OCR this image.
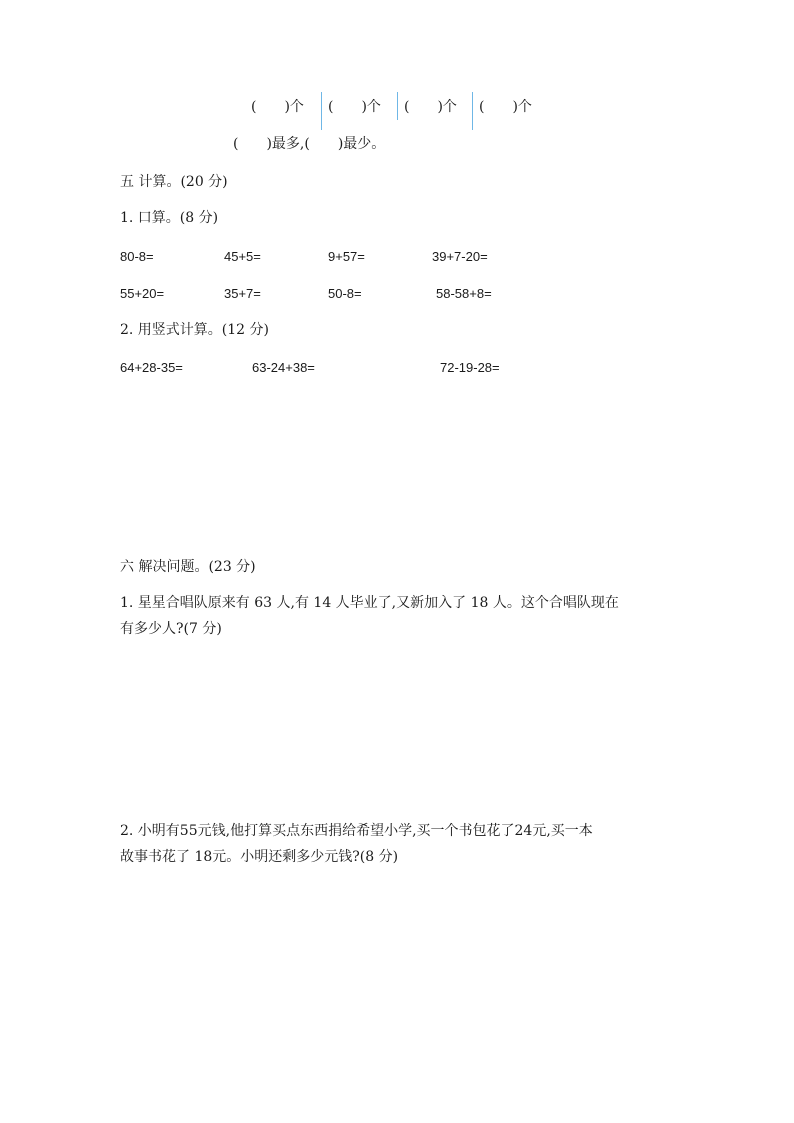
(　　)个 (　　)个 (　　)个 (　　)个
(　　)最多,(　　)最少。
五 计算。(20 分)
1. 口算。(8 分)
80-8=	45+5=	9+57=	39+7-20=
55+20=	35+7=	50-8=	58-58+8=
2. 用竖式计算。(12 分)
64+28-35=	63-24+38=	72-19-28=
六 解决问题。(23 分)
1. 星星合唱队原来有 63 人,有 14 人毕业了,又新加入了 18 人。这个合唱队现在
有多少人?(7 分)
2. 小明有55元钱,他打算买点东西捐给希望小学,买一个书包花了24元,买一本
故事书花了 18元。小明还剩多少元钱?(8 分)
